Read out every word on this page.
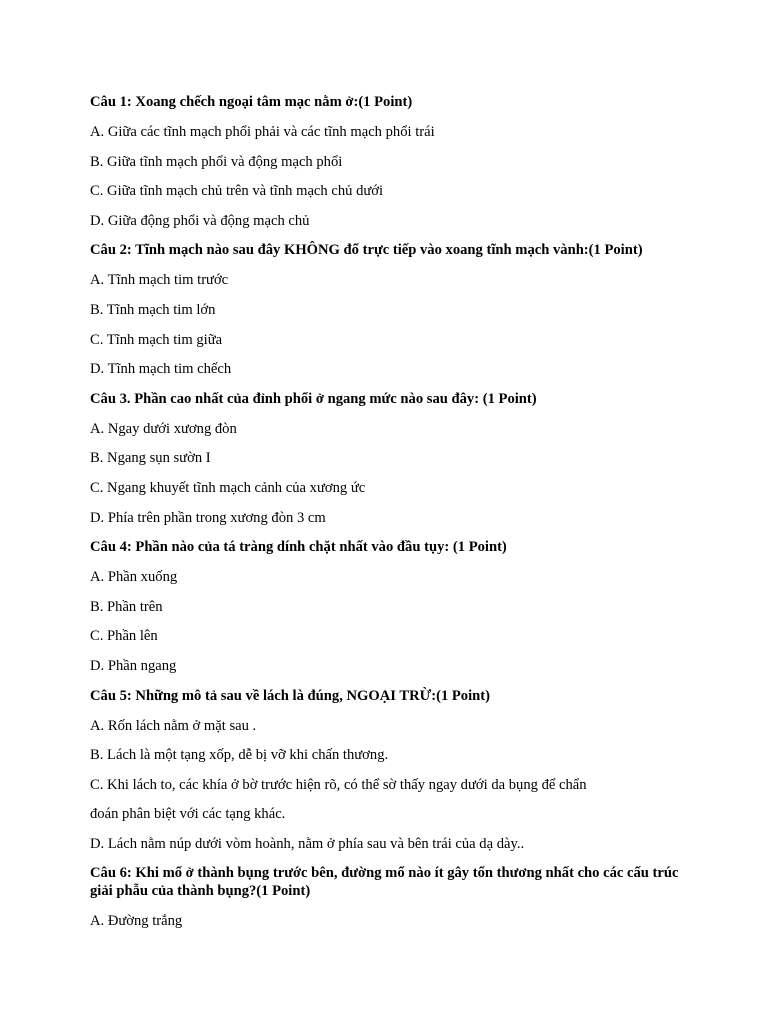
Câu 1: Xoang chếch ngoại tâm mạc nằm ở:(1 Point)
A. Giữa các tĩnh mạch phổi phải và các tĩnh mạch phổi trái
B. Giữa tĩnh mạch phổi và động mạch phổi
C. Giữa tĩnh mạch chủ trên và tĩnh mạch chủ dưới
D. Giữa động phổi và động mạch chủ
Câu 2: Tĩnh mạch nào sau đây KHÔNG đổ trực tiếp vào xoang tĩnh mạch vành:(1 Point)
A. Tĩnh mạch tim trước
B. Tĩnh mạch tim lớn
C. Tĩnh mạch tim giữa
D. Tĩnh mạch tim chếch
Câu 3. Phần cao nhất của đỉnh phổi ở ngang mức nào sau đây: (1 Point)
A. Ngay dưới xương đòn
B. Ngang sụn sườn I
C. Ngang khuyết tĩnh mạch cảnh của xương ức
D. Phía trên phần trong xương đòn 3 cm
Câu 4: Phần nào của tá tràng dính chặt nhất vào đầu tụy: (1 Point)
A. Phần xuống
B. Phần trên
C. Phần lên
D. Phần ngang
Câu 5: Những mô tả sau về lách là đúng, NGOẠI TRỪ:(1 Point)
A. Rốn lách nằm ở mặt sau .
B. Lách là một tạng xốp, dễ bị vỡ khi chấn thương.
C. Khi lách to, các khía ở bờ trước hiện rõ, có thể sờ thấy ngay dưới da bụng để chẩn
đoán phân biệt với các tạng khác.
D. Lách nằm núp dưới vòm hoành, nằm ở phía sau và bên trái của dạ dày..
Câu 6: Khi mổ ở thành bụng trước bên, đường mổ nào ít gây tổn thương nhất cho các cấu trúc giải phẫu của thành bụng?(1 Point)
A. Đường trắng
